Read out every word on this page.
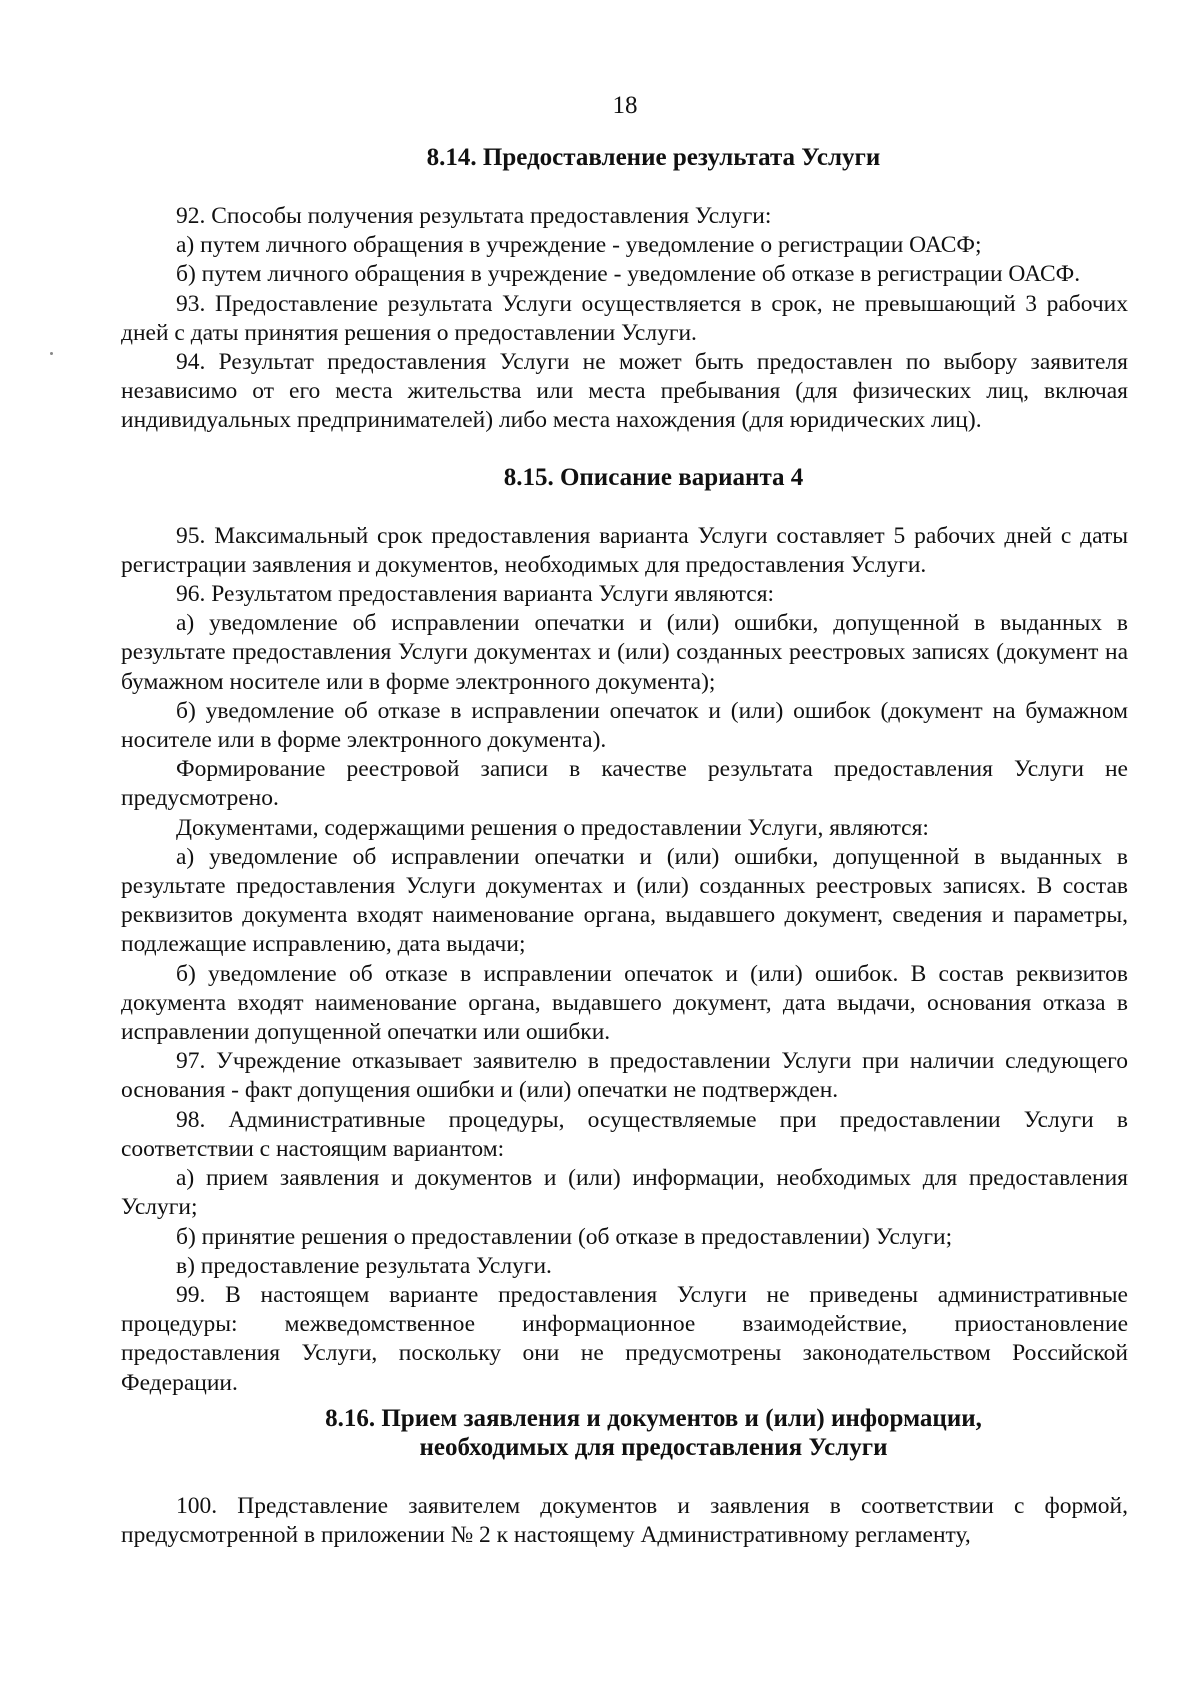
18
8.14. Предоставление результата Услуги

92. Способы получения результата предоставления Услуги:

а) путем личного обращения в учреждение - уведомление о регистрации ОАСФ;

б) путем личного обращения в учреждение - уведомление об отказе в регистрации ОАСФ.

93. Предоставление результата Услуги осуществляется в срок, не превышающий 3 рабочих дней с даты принятия решения о предоставлении Услуги.

94. Результат предоставления Услуги не может быть предоставлен по выбору заявителя независимо от его места жительства или места пребывания (для физических лиц, включая индивидуальных предпринимателей) либо места нахождения (для юридических лиц).

8.15. Описание варианта 4

95. Максимальный срок предоставления варианта Услуги составляет 5 рабочих дней с даты регистрации заявления и документов, необходимых для предоставления Услуги.

96. Результатом предоставления варианта Услуги являются:

а) уведомление об исправлении опечатки и (или) ошибки, допущенной в выданных в результате предоставления Услуги документах и (или) созданных реестровых записях (документ на бумажном носителе или в форме электронного документа);

б) уведомление об отказе в исправлении опечаток и (или) ошибок (документ на бумажном носителе или в форме электронного документа).

Формирование реестровой записи в качестве результата предоставления Услуги не предусмотрено.

Документами, содержащими решения о предоставлении Услуги, являются:

а) уведомление об исправлении опечатки и (или) ошибки, допущенной в выданных в результате предоставления Услуги документах и (или) созданных реестровых записях. В состав реквизитов документа входят наименование органа, выдавшего документ, сведения и параметры, подлежащие исправлению, дата выдачи;

б) уведомление об отказе в исправлении опечаток и (или) ошибок. В состав реквизитов документа входят наименование органа, выдавшего документ, дата выдачи, основания отказа в исправлении допущенной опечатки или ошибки.

97. Учреждение отказывает заявителю в предоставлении Услуги при наличии следующего основания - факт допущения ошибки и (или) опечатки не подтвержден.

98. Административные процедуры, осуществляемые при предоставлении Услуги в соответствии с настоящим вариантом:

а) прием заявления и документов и (или) информации, необходимых для предоставления Услуги;

б) принятие решения о предоставлении (об отказе в предоставлении) Услуги;

в) предоставление результата Услуги.

99. В настоящем варианте предоставления Услуги не приведены административные процедуры: межведомственное информационное взаимодействие, приостановление предоставления Услуги, поскольку они не предусмотрены законодательством Российской Федерации.

8.16. Прием заявления и документов и (или) информации,
необходимых для предоставления Услуги

100. Представление заявителем документов и заявления в соответствии с формой, предусмотренной в приложении № 2 к настоящему Административному регламенту,
